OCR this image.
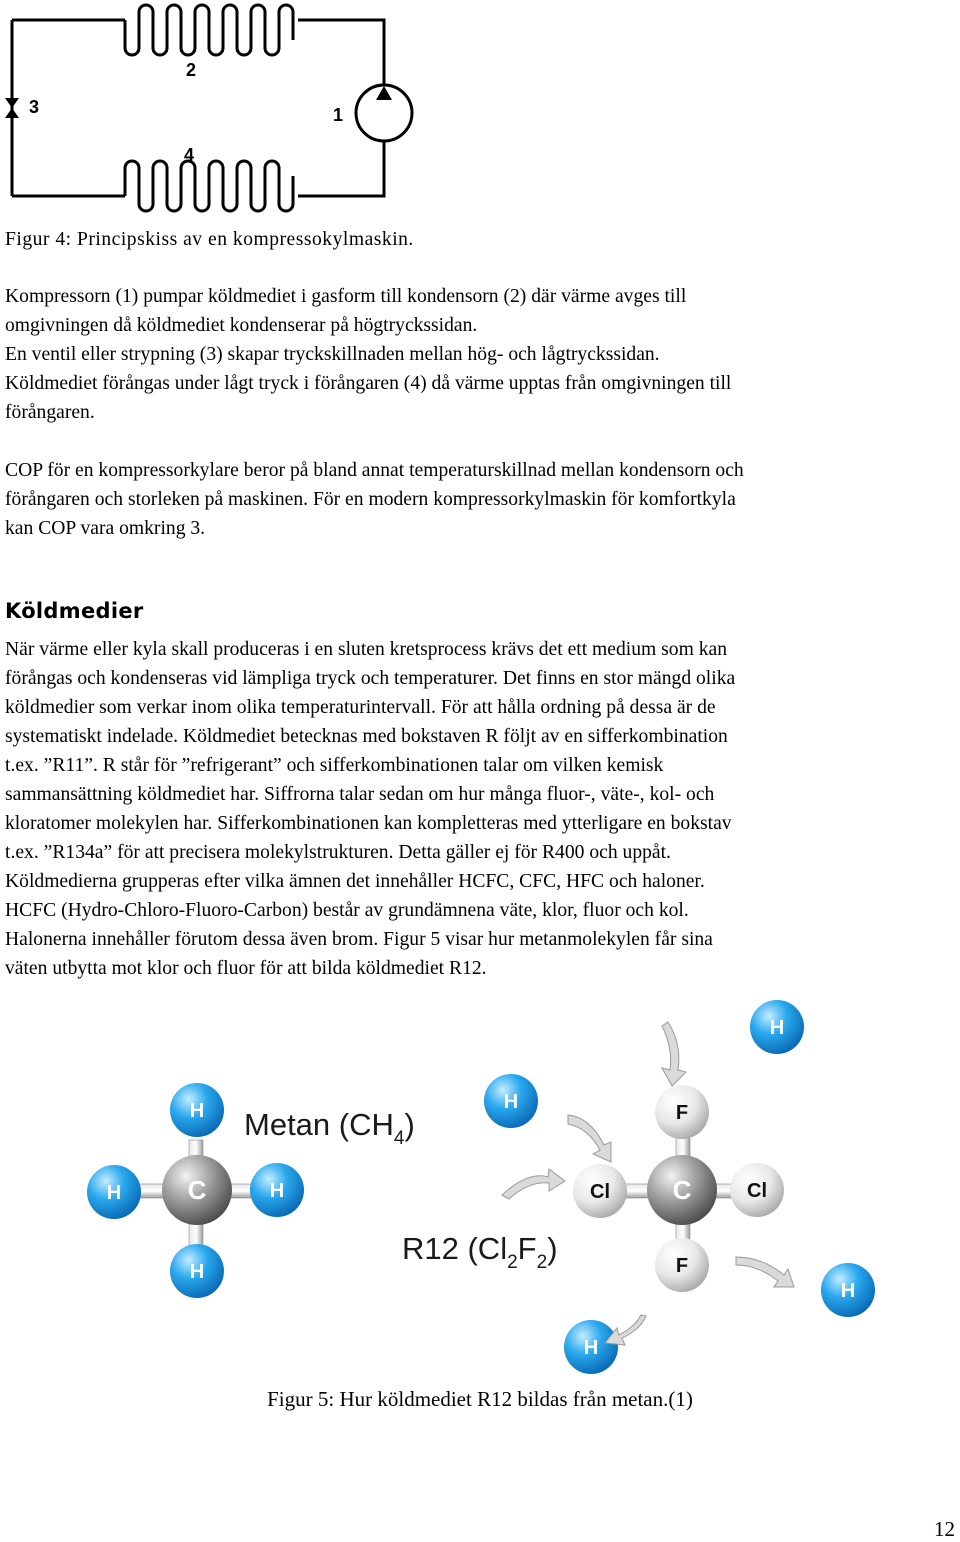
2
3	1
4
Figur 4: Principskiss av en kompressokylmaskin.
Kompressorn (1) pumpar köldmediet i gasform till kondensorn (2) där värme avges till
omgivningen då köldmediet kondenserar på högtryckssidan.
En ventil eller strypning (3) skapar tryckskillnaden mellan hög- och lågtryckssidan.
Köldmediet förångas under lågt tryck i förångaren (4) då värme upptas från omgivningen till
förångaren.
COP för en kompressorkylare beror på bland annat temperaturskillnad mellan kondensorn och
förångaren och storleken på maskinen. För en modern kompressorkylmaskin för komfortkyla
kan COP vara omkring 3.
Köldmedier
När värme eller kyla skall produceras i en sluten kretsprocess krävs det ett medium som kan
förångas och kondenseras vid lämpliga tryck och temperaturer. Det finns en stor mängd olika
köldmedier som verkar inom olika temperaturintervall. För att hålla ordning på dessa är de
systematiskt indelade. Köldmediet betecknas med bokstaven R följt av en sifferkombination
t.ex. ”R11”. R står för ”refrigerant” och sifferkombinationen talar om vilken kemisk
sammansättning köldmediet har. Siffrorna talar sedan om hur många fluor-, väte-, kol- och
kloratomer molekylen har. Sifferkombinationen kan kompletteras med ytterligare en bokstav
t.ex. ”R134a” för att precisera molekylstrukturen. Detta gäller ej för R400 och uppåt.
Köldmedierna grupperas efter vilka ämnen det innehåller HCFC, CFC, HFC och haloner.
HCFC (Hydro-Chloro-Fluoro-Carbon) består av grundämnena väte, klor, fluor och kol.
Halonerna innehåller förutom dessa även brom. Figur 5 visar hur metanmolekylen får sina
väten utbytta mot klor och fluor för att bilda köldmediet R12.
H
H	H
H
C
Metan $(CH_4)$	F
Cl	Cl
F
C
H
H
H
H
R12 $(Cl_2F_2)$
Figur 5: Hur köldmediet R12 bildas från metan.(1)
12
